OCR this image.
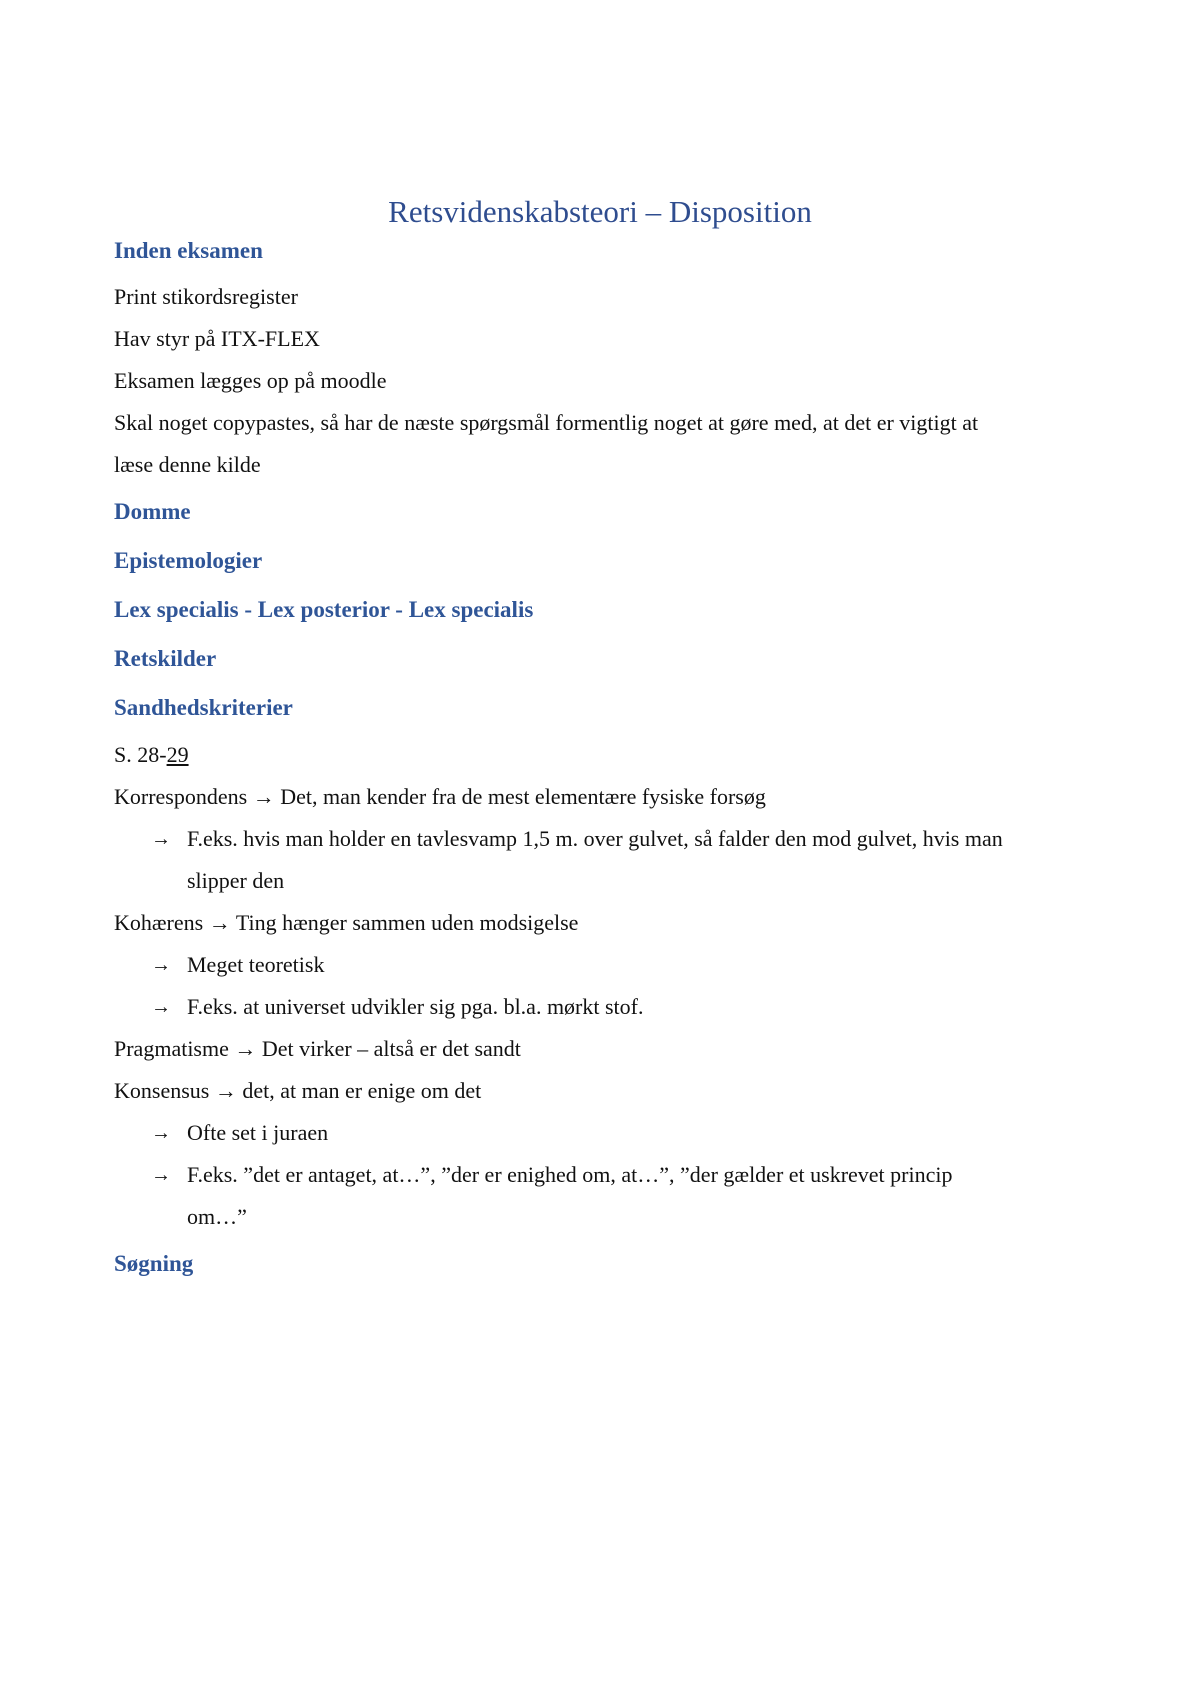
Retsvidenskabsteori – Disposition
Inden eksamen
Print stikordsregister
Hav styr på ITX-FLEX
Eksamen lægges op på moodle
Skal noget copypastes, så har de næste spørgsmål formentlig noget at gøre med, at det er vigtigt at
læse denne kilde
Domme
Epistemologier
Lex specialis - Lex posterior - Lex specialis
Retskilder
Sandhedskriterier
S. 28-29
Korrespondens → Det, man kender fra de mest elementære fysiske forsøg
→ F.eks. hvis man holder en tavlesvamp 1,5 m. over gulvet, så falder den mod gulvet, hvis man
slipper den
Kohærens → Ting hænger sammen uden modsigelse
→ Meget teoretisk
→ F.eks. at universet udvikler sig pga. bl.a. mørkt stof.
Pragmatisme → Det virker – altså er det sandt
Konsensus → det, at man er enige om det
→ Ofte set i juraen
→ F.eks. ”det er antaget, at…”, ”der er enighed om, at…”, ”der gælder et uskrevet princip
om…”
Søgning
